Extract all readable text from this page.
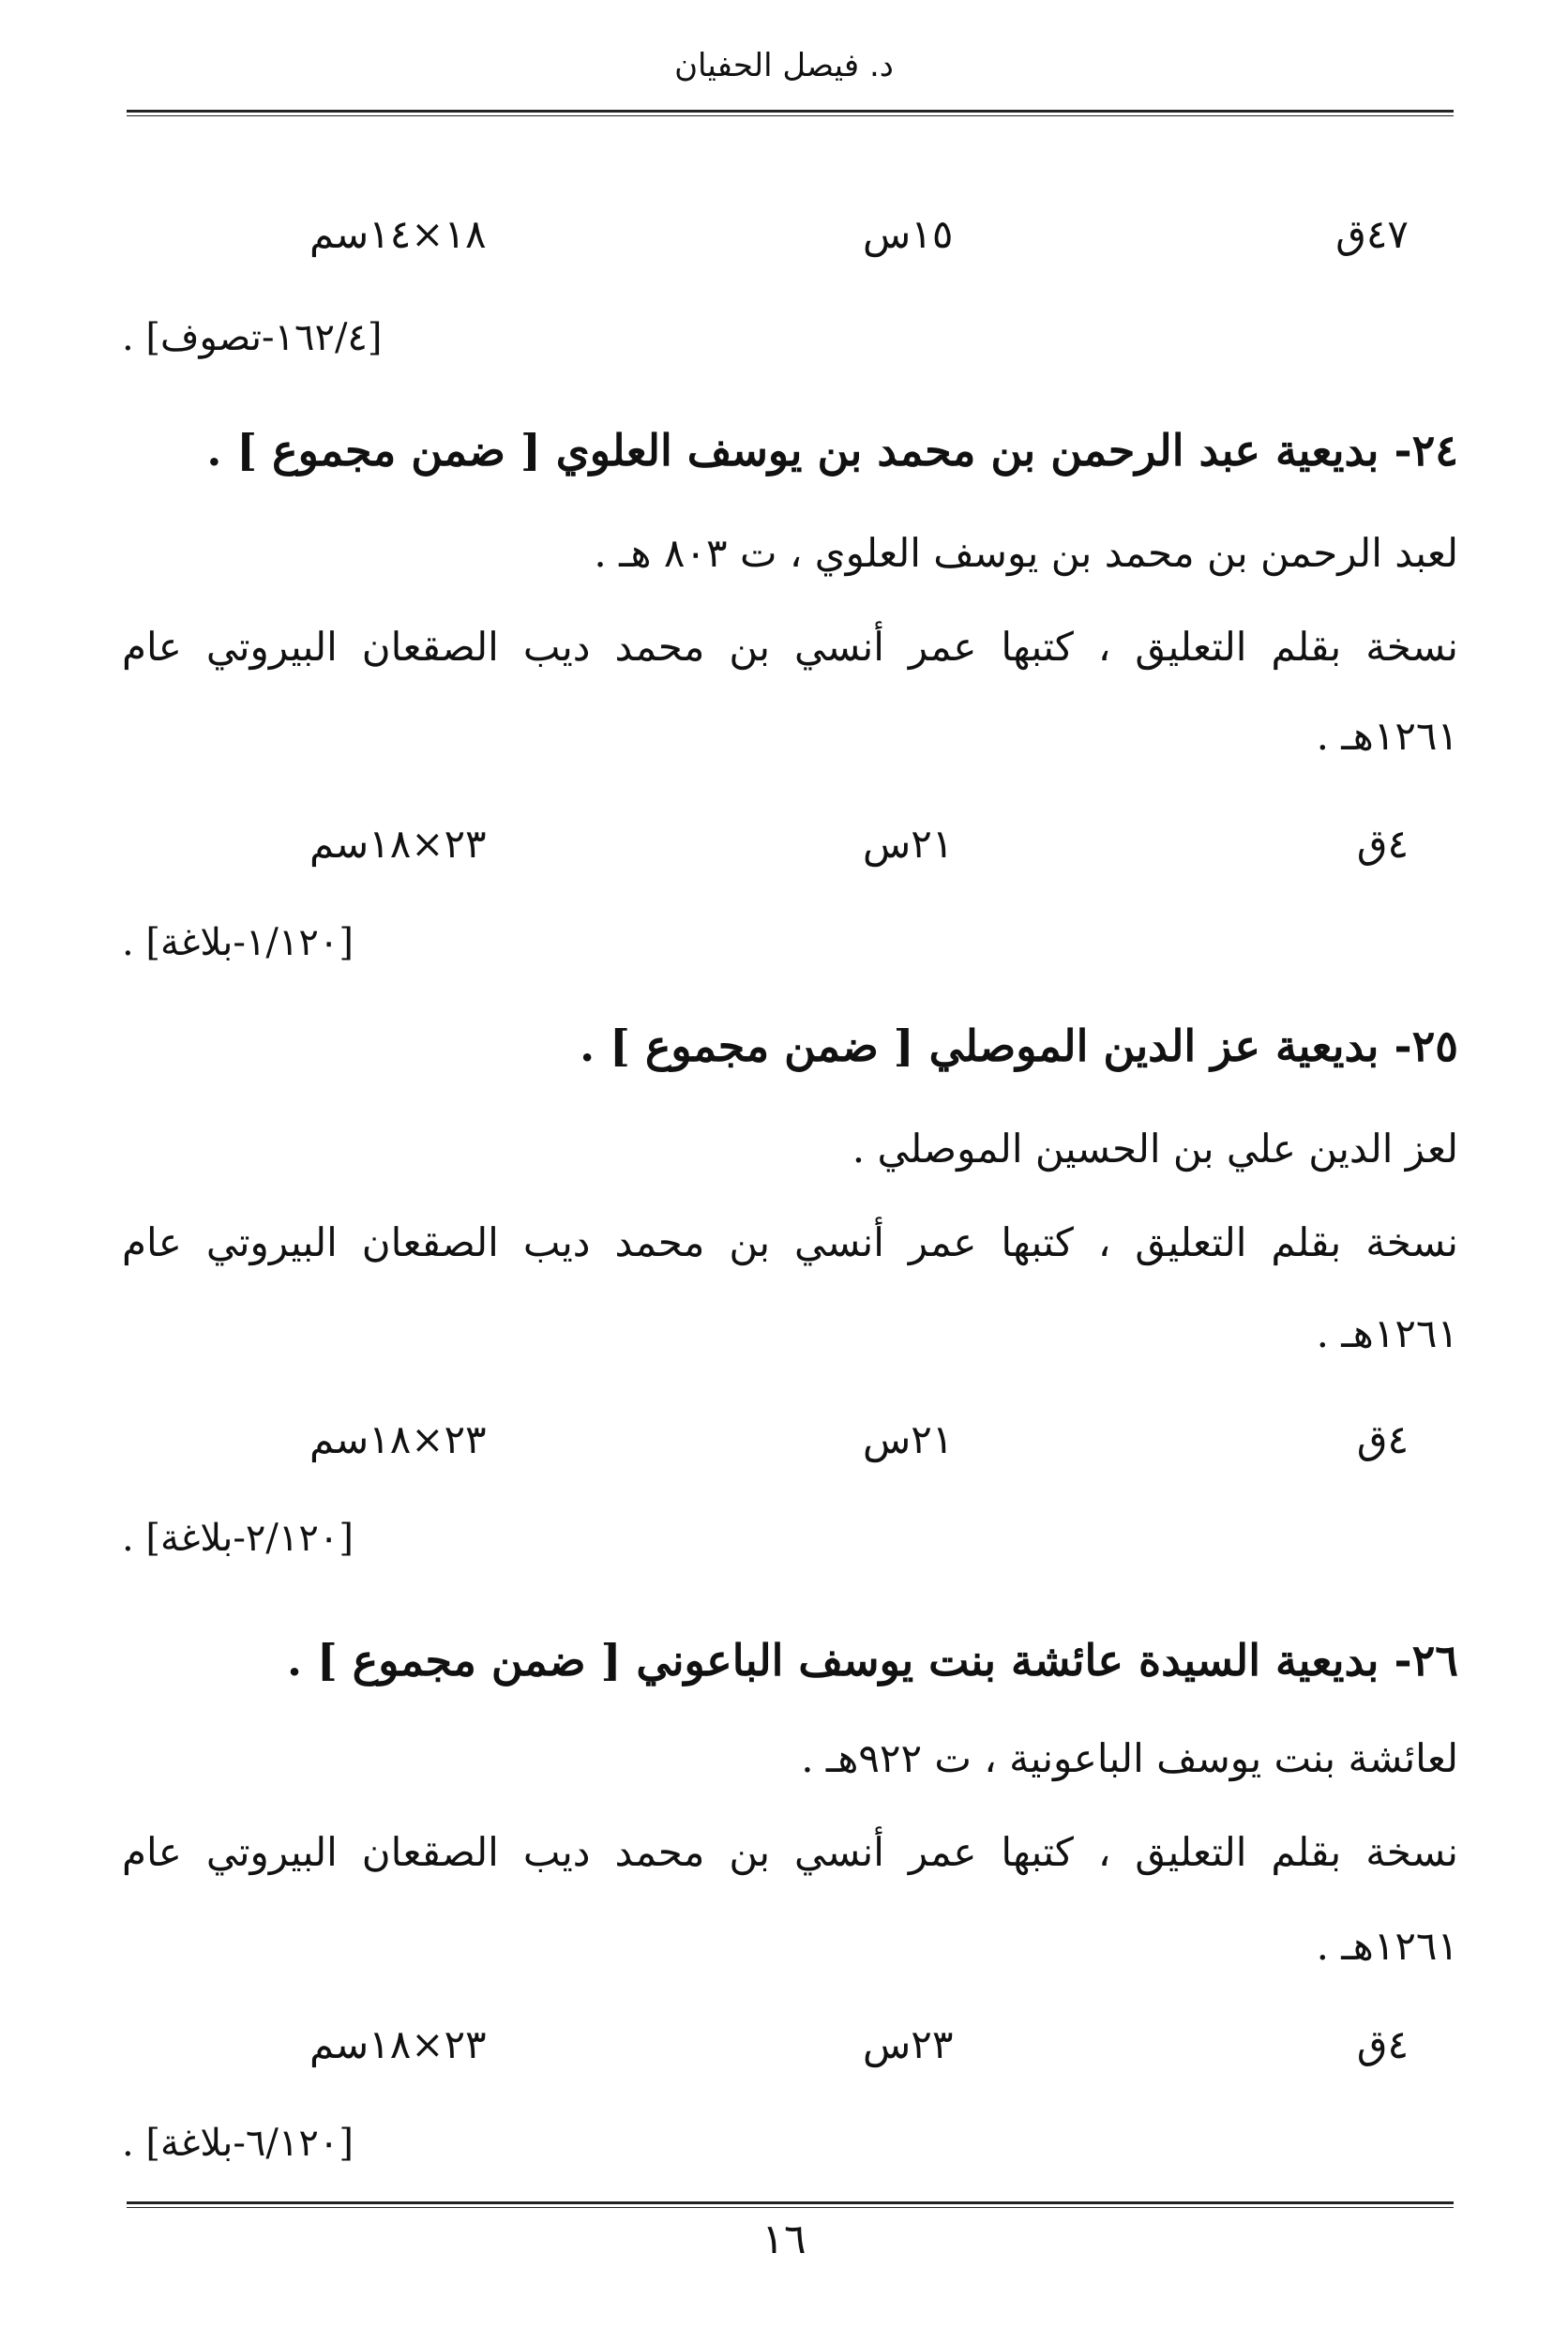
د. فيصل الحفيان
٤٧ق
١٥س
١٨×١٤سم
[١٦٢/٤-تصوف] .
٢٤- بديعية عبد الرحمن بن محمد بن يوسف العلوي [ ضمن مجموع ] .
لعبد الرحمن بن محمد بن يوسف العلوي ، ت ٨٠٣ هـ .
نسخة بقلم التعليق ، كتبها عمر أنسي بن محمد ديب الصقعان البيروتي عام
١٢٦١هـ .
٤ق
٢١س
٢٣×١٨سم
[١/١٢٠-بلاغة] .
٢٥- بديعية عز الدين الموصلي [ ضمن مجموع ] .
لعز الدين علي بن الحسين الموصلي .
نسخة بقلم التعليق ، كتبها عمر أنسي بن محمد ديب الصقعان البيروتي عام
١٢٦١هـ .
٤ق
٢١س
٢٣×١٨سم
[٢/١٢٠-بلاغة] .
٢٦- بديعية السيدة عائشة بنت يوسف الباعوني [ ضمن مجموع ] .
لعائشة بنت يوسف الباعونية ، ت ٩٢٢هـ .
نسخة بقلم التعليق ، كتبها عمر أنسي بن محمد ديب الصقعان البيروتي عام
١٢٦١هـ .
٤ق
٢٣س
٢٣×١٨سم
[٦/١٢٠-بلاغة] .
١٦
